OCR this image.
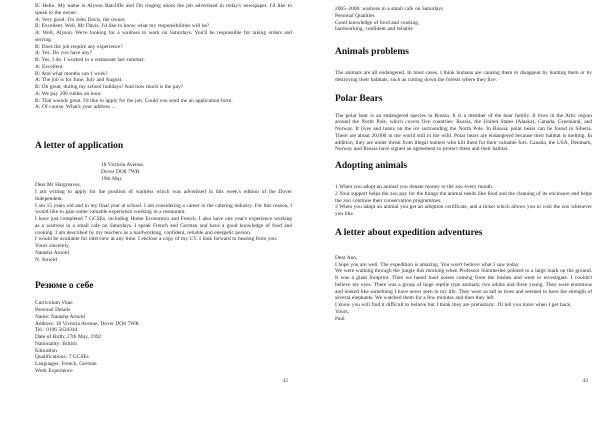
B: Hello. My name is Alyson Ratcliffe and I'm ringing about the job advertised in today's newspaper. I'd like to speak to the owner.

A: Very good. I'm John Davis, the owner.

B: Excellent. Well, Mr Davis, I'd like to know what my responsibilities will be?

A: Well, Alyson. We're looking for a waitress to work on Saturdays. You'll be responsible for taking orders and serving.

B: Does the job require any experience?

A: Yes. Do you have any?

B: Yes, I do. I worked in a restaurant last summer.

A: Excellent.

B: And what months can I work?

A: The job is for June, July and August.

B: Oh great, during my school holidays! And how much is the pay?

A: We pay 200 rubles an hour.

B: That sounds great. I'd like to apply for the job. Could you send me an application form.

A: Of course. What's your address ...

A letter of application

18 Victoria Avenue,

Dover DO8 7WR

19th May

Dear Mr Hargreaves,

I am writing to apply for the position of waitress which was advertised in this week's edition of the Dover Independent.

I am 15 years old and in my final year at school. I am considering a career in the catering industry. For this reason, I would like to gain some valuable experience working in a restaurant.

I have just completed 7 GCSEs, including Home Economics and French. I also have one year's experience working as a waitress in a small cafe on Saturdays. I speak French and German and have a good knowledge of food and cooking. I am described by my teachers as a hardworking, confident, reliable and energetic person.

I would be available for interview at any time. I enclose a copy of my CV. I look forward to hearing from you.

Yours sincerely,

Natasha Arnold

N. Arnold

Резюме о себе

Curriculum Vitae

Personal Details

Name: Natasha Arnold

Address: 18 Victoria Avenue, Dover DO8 7WR

Tel.: 0196 5634344

Date of Birth: 27th May, 1992

Nationality: British

Education

Qualifications: 7 GCSEs

Languages: French, German

Work Experience

42

2005–2006: waitress in a small cafe on Saturdays

Personal Qualities

Good knowledge of food and cooking,

hardworking, confident and reliable

Animals problems

The animals are all endangered. In most cases, I think humans are causing them to disappear by hunting them or by destroying their habitats, such as cutting down the forests where they live.

Polar Bears

The polar bear is an endangered species in Russia. It is a member of the bear family. It lives in the Artic region around the North Pole, which covers five countries: Russia, the United States (Alaska), Canada, Greenland, and Norway. It lives and hunts on the ice surrounding the North Pole. In Russia, polar bears can be found in Siberia. There are about 20,000 in the world still in the wild. Polar bears are endangered because their habitat is melting. In addition, they are under threat from illegal hunters who kill them for their valuable furs. Canada, the USA, Denmark, Norway and Russia have signed an agreement to protect them and their habitat.

Adopting animals

1 When you adopt an animal you donate money to the zoo every month.

2 Your support helps the zoo pay for the things the animal needs like food and the cleaning of its enclosure and helps the zoo continue their conservation programmes.

3 When you adopt an animal you get an adoption certificate, and a ticket which allows you to visit the zoo whenever you like.

A letter about expedition adventures

Dear Ann,

I hope you are well. The expedition is amazing. You won't believe what I saw today.

We were walking through the jungle this morning when Professor Summerlee pointed to a large mark on the ground. It was a giant footprint. Then we heard loud noises coming from the bushes and went to investigate. I couldn't believe my eyes. There was a group of huge reptile type animals; two adults and three young. They were enormous and looked like something I have never seen in my life. They were as tall as trees and seemed to have the strength of several elephants. We watched them for a few minutes and then they left.

I know you will find it difficult to believe but I think they are prehistoric. I'll tell you more when I get back.

Yours,

Paul

43
